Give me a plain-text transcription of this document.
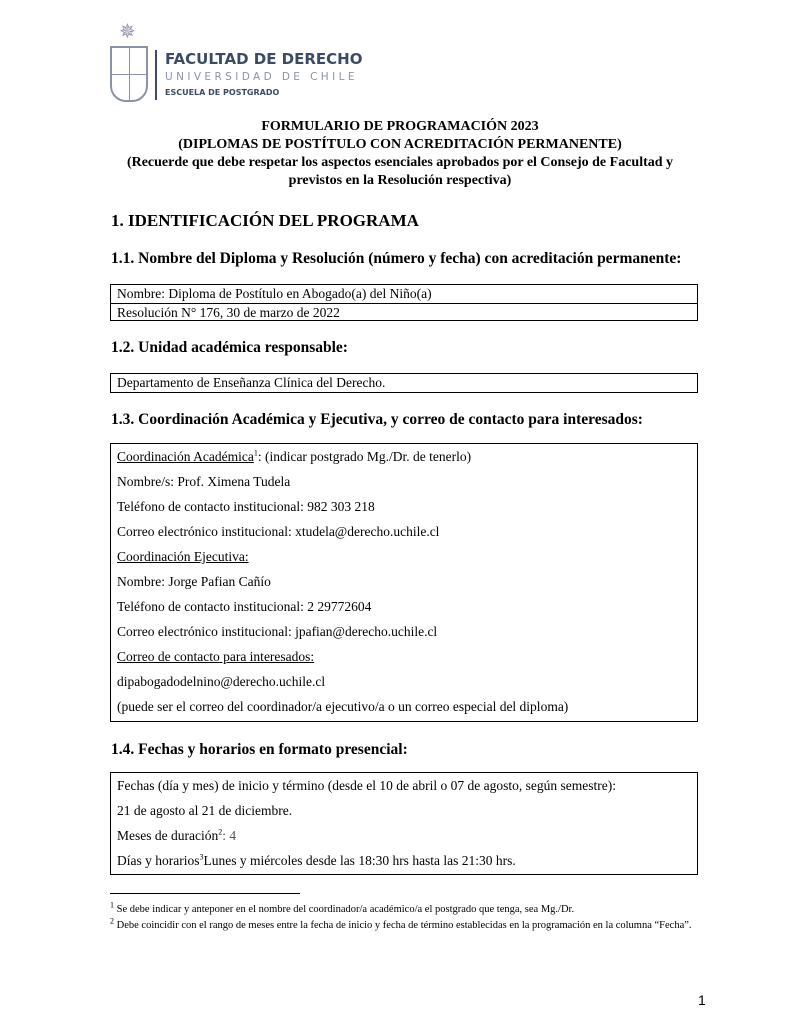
✵
FACULTAD DE DERECHO
UNIVERSIDAD DE CHILE
ESCUELA DE POSTGRADO
FORMULARIO DE PROGRAMACIÓN 2023
(DIPLOMAS DE POSTÍTULO CON ACREDITACIÓN PERMANENTE)
(Recuerde que debe respetar los aspectos esenciales aprobados por el Consejo de Facultad y
previstos en la Resolución respectiva)
1. IDENTIFICACIÓN DEL PROGRAMA
1.1. Nombre del Diploma y Resolución (número y fecha) con acreditación permanente:
Nombre: Diploma de Postítulo en Abogado(a) del Niño(a)
Resolución N° 176, 30 de marzo de 2022
1.2. Unidad académica responsable:
Departamento de Enseñanza Clínica del Derecho.
1.3. Coordinación Académica y Ejecutiva, y correo de contacto para interesados:
Coordinación Académica$^1$: (indicar postgrado Mg./Dr. de tenerlo)
Nombre/s: Prof. Ximena Tudela
Teléfono de contacto institucional: 982 303 218
Correo electrónico institucional: xtudela@derecho.uchile.cl
Coordinación Ejecutiva:
Nombre: Jorge Pafian Cañío
Teléfono de contacto institucional: 2 29772604
Correo electrónico institucional: jpafian@derecho.uchile.cl
Correo de contacto para interesados:
dipabogadodelnino@derecho.uchile.cl
(puede ser el correo del coordinador/a ejecutivo/a o un correo especial del diploma)
1.4. Fechas y horarios en formato presencial:
Fechas (día y mes) de inicio y término (desde el 10 de abril o 07 de agosto, según semestre):
21 de agosto al 21 de diciembre.
Meses de duración$^2$: 4
Días y horarios$^3$Lunes y miércoles desde las 18:30 hrs hasta las 21:30 hrs.
$^1$ Se debe indicar y anteponer en el nombre del coordinador/a académico/a el postgrado que tenga, sea Mg./Dr.
$^2$ Debe coincidir con el rango de meses entre la fecha de inicio y fecha de término establecidas en la programación en la columna “Fecha”.
1
